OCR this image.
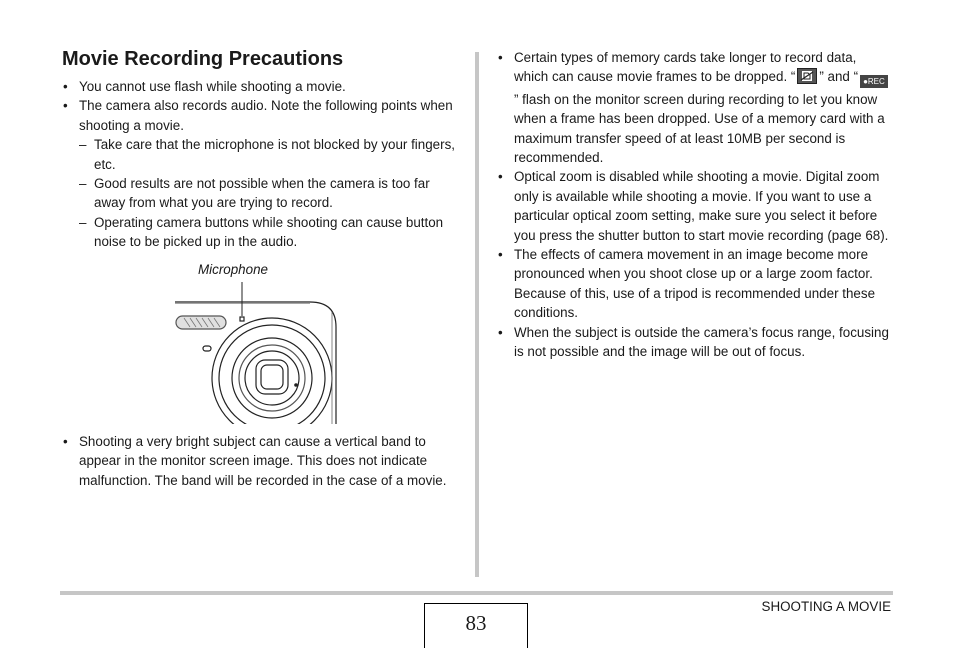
Movie Recording Precautions
• You cannot use flash while shooting a movie.
• The camera also records audio. Note the following points when shooting a movie.
– Take care that the microphone is not blocked by your fingers, etc.
– Good results are not possible when the camera is too far away from what you are trying to record.
– Operating camera buttons while shooting can cause button noise to be picked up in the audio.
Microphone
• Shooting a very bright subject can cause a vertical band to appear in the monitor screen image. This does not indicate malfunction. The band will be recorded in the case of a movie.
• Certain types of memory cards take longer to record data, which can cause movie frames to be dropped. “ ” and “ ●REC” flash on the monitor screen during recording to let you know when a frame has been dropped. Use of a memory card with a maximum transfer speed of at least 10MB per second is recommended.
• Optical zoom is disabled while shooting a movie. Digital zoom only is available while shooting a movie. If you want to use a particular optical zoom setting, make sure you select it before you press the shutter button to start movie recording (page 68).
• The effects of camera movement in an image become more pronounced when you shoot close up or a large zoom factor. Because of this, use of a tripod is recommended under these conditions.
• When the subject is outside the camera’s focus range, focusing is not possible and the image will be out of focus.
83
SHOOTING A MOVIE
